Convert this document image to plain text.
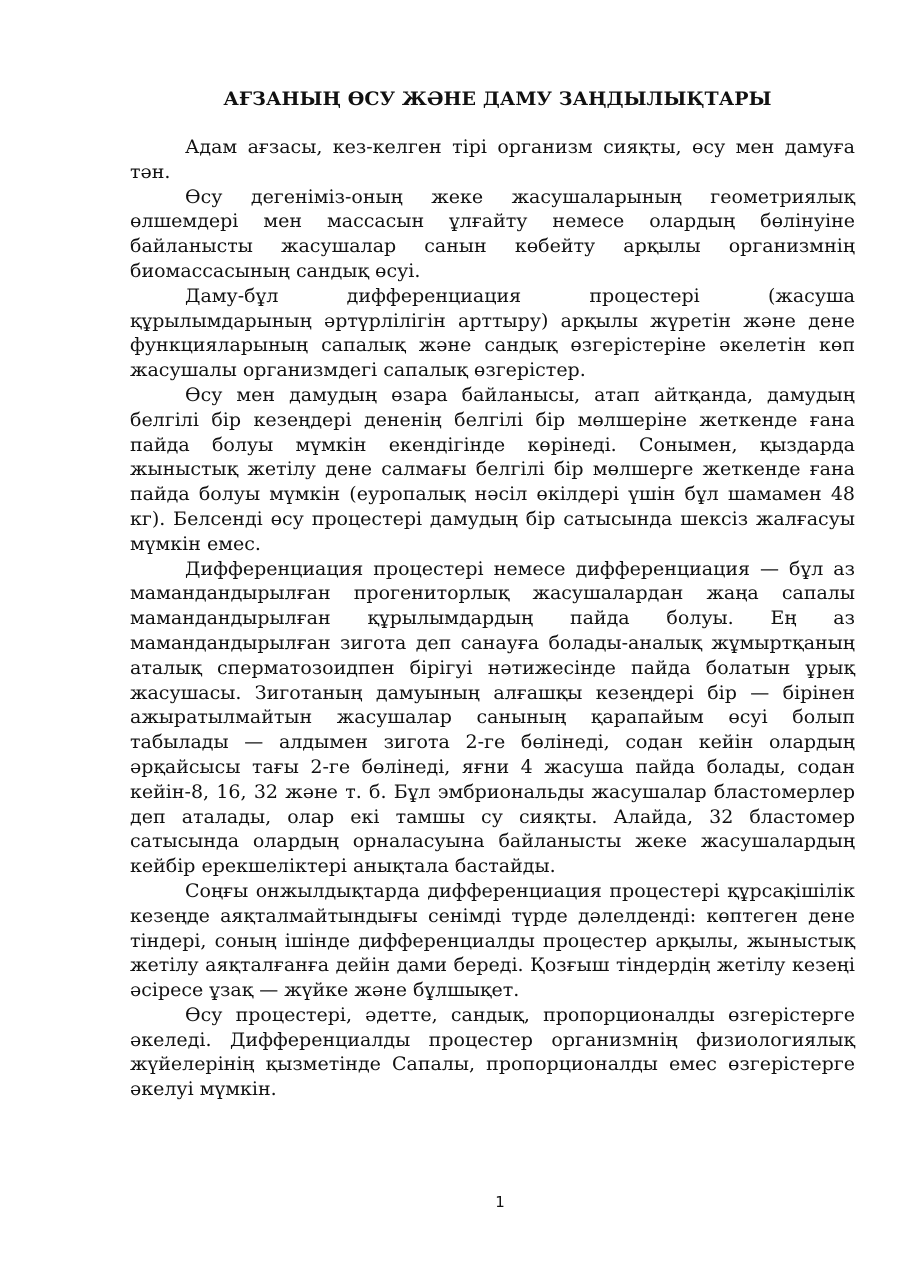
АҒЗАНЫҢ ӨСУ ЖӘНЕ ДАМУ ЗАҢДЫЛЫҚТАРЫ

Адам ағзасы, кез-келген тірі организм сияқты, өсу мен дамуға тән.

Өсу дегеніміз-оның жеке жасушаларының геометриялық өлшемдері мен массасын ұлғайту немесе олардың бөлінуіне байланысты жасушалар санын көбейту арқылы организмнің биомассасының сандық өсуі.

Даму-бұл дифференциация процестері (жасуша құрылымдарының әртүрлілігін арттыру) арқылы жүретін және дене функцияларының сапалық және сандық өзгерістеріне әкелетін көп жасушалы организмдегі сапалық өзгерістер.

Өсу мен дамудың өзара байланысы, атап айтқанда, дамудың белгілі бір кезеңдері дененің белгілі бір мөлшеріне жеткенде ғана пайда болуы мүмкін екендігінде көрінеді. Сонымен, қыздарда жыныстық жетілу дене салмағы белгілі бір мөлшерге жеткенде ғана пайда болуы мүмкін (еуропалық нәсіл өкілдері үшін бұл шамамен 48 кг). Белсенді өсу процестері дамудың бір сатысында шексіз жалғасуы мүмкін емес.

Дифференциация процестері немесе дифференциация — бұл аз мамандандырылған прогениторлық жасушалардан жаңа сапалы мамандандырылған құрылымдардың пайда болуы. Ең аз мамандандырылған зигота деп санауға болады-аналық жұмыртқаның аталық сперматозоидпен бірігуі нәтижесінде пайда болатын ұрық жасушасы. Зиготаның дамуының алғашқы кезеңдері бір — бірінен ажыратылмайтын жасушалар санының қарапайым өсуі болып табылады — алдымен зигота 2-ге бөлінеді, содан кейін олардың әрқайсысы тағы 2-ге бөлінеді, яғни 4 жасуша пайда болады, содан кейін-8, 16, 32 және т. б. Бұл эмбриональды жасушалар бластомерлер деп аталады, олар екі тамшы су сияқты. Алайда, 32 бластомер сатысында олардың орналасуына байланысты жеке жасушалардың кейбір ерекшеліктері анықтала бастайды.

Соңғы онжылдықтарда дифференциация процестері құрсақішілік кезеңде аяқталмайтындығы сенімді түрде дәлелденді: көптеген дене тіндері, соның ішінде дифференциалды процестер арқылы, жыныстық жетілу аяқталғанға дейін дами береді. Қозғыш тіндердің жетілу кезеңі әсіресе ұзақ — жүйке және бұлшықет.

Өсу процестері, әдетте, сандық, пропорционалды өзгерістерге әкеледі. Дифференциалды процестер организмнің физиологиялық жүйелерінің қызметінде Сапалы, пропорционалды емес өзгерістерге әкелуі мүмкін.

1
